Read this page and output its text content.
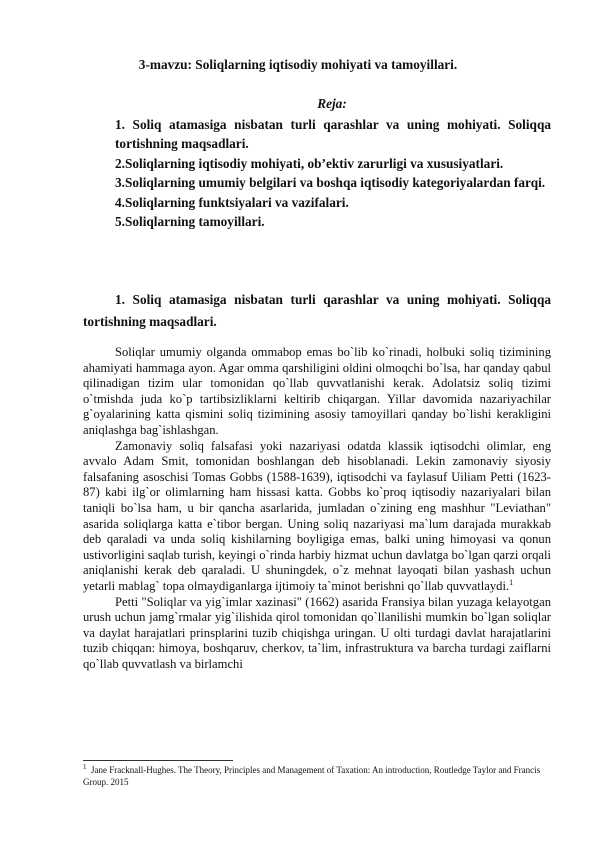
3-mavzu: Soliqlarning iqtisodiy mohiyati va tamoyillari.
Reja:

1. Soliq atamasiga nisbatan turli qarashlar va uning mohiyati. Soliqqa tortishning maqsadlari.

2.Soliqlarning iqtisodiy mohiyati, ob’ektiv zarurligi va xususiyatlari.

3.Soliqlarning umumiy belgilari va boshqa iqtisodiy kategoriyalardan farqi.

4.Soliqlarning funktsiyalari va vazifalari.

5.Soliqlarning tamoyillari.

1. Soliq atamasiga nisbatan turli qarashlar va uning mohiyati. Soliqqa tortishning maqsadlari.

Soliqlar umumiy olganda ommabop emas bo`lib ko`rinadi, holbuki soliq tizimining ahamiyati hammaga ayon. Agar omma qarshiligini oldini olmoqchi bo`lsa, har qanday qabul qilinadigan tizim ular tomonidan qo`llab quvvatlanishi kerak. Adolatsiz soliq tizimi o`tmishda juda ko`p tartibsizliklarni keltirib chiqargan. Yillar davomida nazariyachilar g`oyalarining katta qismini soliq tizimining asosiy tamoyillari qanday bo`lishi kerakligini aniqlashga bag`ishlashgan.

Zamonaviy soliq falsafasi yoki nazariyasi odatda klassik iqtisodchi olimlar, eng avvalo Adam Smit, tomonidan boshlangan deb hisoblanadi. Lekin zamonaviy siyosiy falsafaning asoschisi Tomas Gobbs (1588-1639), iqtisodchi va faylasuf Uiliam Petti (1623-87) kabi ilg`or olimlarning ham hissasi katta. Gobbs ko`proq iqtisodiy nazariyalari bilan taniqli bo`lsa ham, u bir qancha asarlarida, jumladan o`zining eng mashhur "Leviathan" asarida soliqlarga katta e`tibor bergan. Uning soliq nazariyasi ma`lum darajada murakkab deb qaraladi va unda soliq kishilarning boyligiga emas, balki uning himoyasi va qonun ustivorligini saqlab turish, keyingi o`rinda harbiy hizmat uchun davlatga bo`lgan qarzi orqali aniqlanishi kerak deb qaraladi. U shuningdek, o`z mehnat layoqati bilan yashash uchun yetarli mablag` topa olmaydiganlarga ijtimoiy ta`minot berishni qo`llab quvvatlaydi.$^1$

Petti "Soliqlar va yig`imlar xazinasi" (1662) asarida Fransiya bilan yuzaga kelayotgan urush uchun jamg`rmalar yig`ilishida qirol tomonidan qo`llanilishi mumkin bo`lgan soliqlar va daylat harajatlari prinsplarini tuzib chiqishga uringan. U olti turdagi davlat harajatlarini tuzib chiqqan: himoya, boshqaruv, cherkov, ta`lim, infrastruktura va barcha turdagi zaiflarni qo`llab quvvatlash va birlamchi

$^1$ Jane Fracknall-Hughes. The Theory, Principles and Management of Taxation: An introduction, Routledge Taylor and Francis Group. 2015
